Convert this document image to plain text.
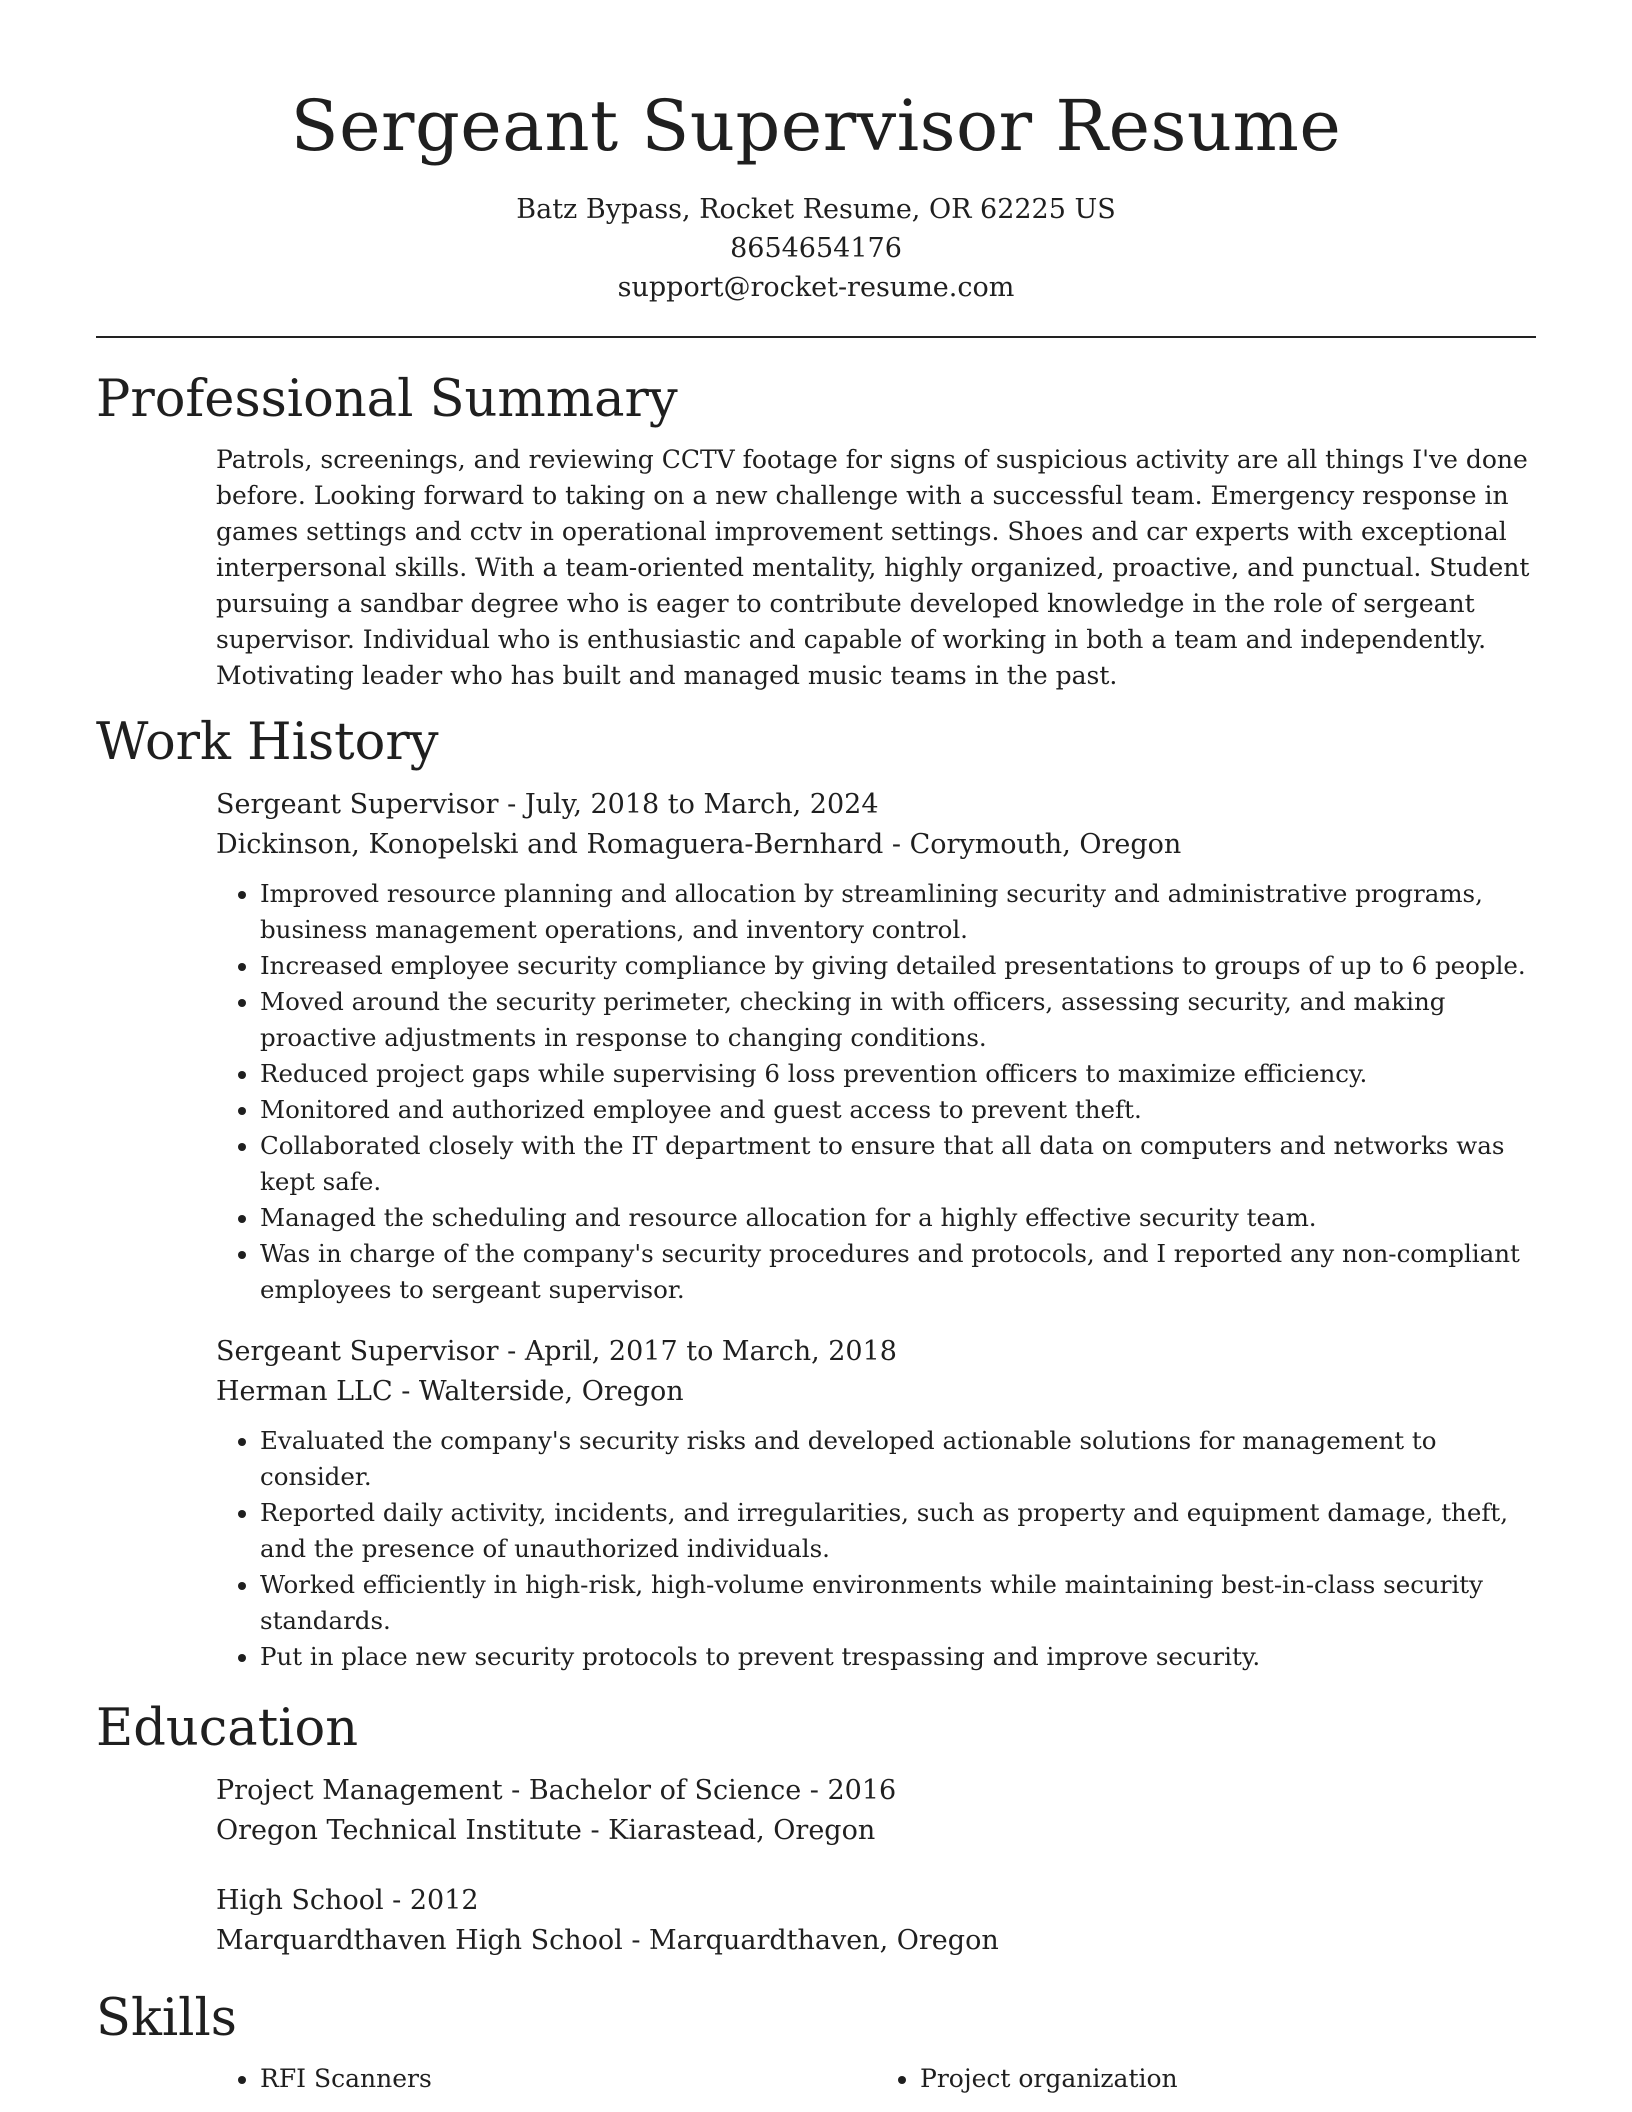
Sergeant Supervisor Resume
Batz Bypass, Rocket Resume, OR 62225 US
8654654176
support@rocket-resume.com
Professional Summary
Patrols, screenings, and reviewing CCTV footage for signs of suspicious activity are all things I've done before. Looking forward to taking on a new challenge with a successful team. Emergency response in games settings and cctv in operational improvement settings. Shoes and car experts with exceptional interpersonal skills. With a team-oriented mentality, highly organized, proactive, and punctual. Student pursuing a sandbar degree who is eager to contribute developed knowledge in the role of sergeant supervisor. Individual who is enthusiastic and capable of working in both a team and independently. Motivating leader who has built and managed music teams in the past.
Work History
Sergeant Supervisor - July, 2018 to March, 2024
Dickinson, Konopelski and Romaguera-Bernhard - Corymouth, Oregon
• Improved resource planning and allocation by streamlining security and administrative programs, business management operations, and inventory control.
• Increased employee security compliance by giving detailed presentations to groups of up to 6 people.
• Moved around the security perimeter, checking in with officers, assessing security, and making proactive adjustments in response to changing conditions.
• Reduced project gaps while supervising 6 loss prevention officers to maximize efficiency.
• Monitored and authorized employee and guest access to prevent theft.
• Collaborated closely with the IT department to ensure that all data on computers and networks was kept safe.
• Managed the scheduling and resource allocation for a highly effective security team.
• Was in charge of the company's security procedures and protocols, and I reported any non-compliant employees to sergeant supervisor.
Sergeant Supervisor - April, 2017 to March, 2018
Herman LLC - Walterside, Oregon
• Evaluated the company's security risks and developed actionable solutions for management to consider.
• Reported daily activity, incidents, and irregularities, such as property and equipment damage, theft, and the presence of unauthorized individuals.
• Worked efficiently in high-risk, high-volume environments while maintaining best-in-class security standards.
• Put in place new security protocols to prevent trespassing and improve security.
Education
Project Management - Bachelor of Science - 2016
Oregon Technical Institute - Kiarastead, Oregon
High School - 2012
Marquardthaven High School - Marquardthaven, Oregon
Skills
• RFI Scanners
•	Project organization
